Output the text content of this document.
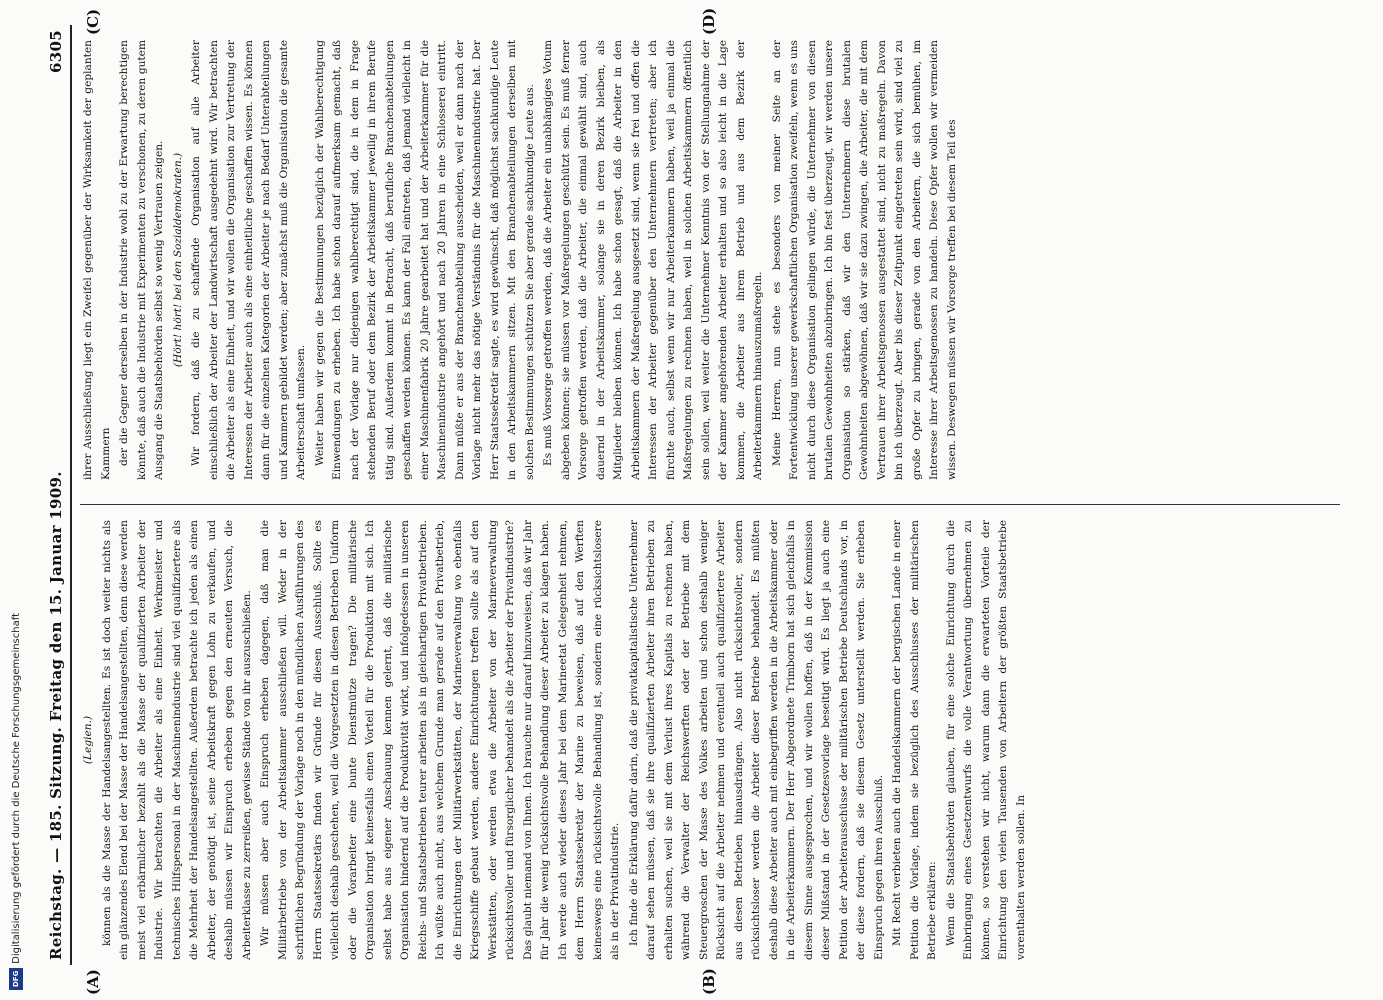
Reichstag. — 185. Sitzung. Freitag den 15. Januar 1909.
6305
(A)	(B)
(C)	(D)

(Legien.) können als die Masse der Handelsangestellten. Es ist doch weiter nichts als ein glänzendes Elend bei der Masse der Handelsangestellten, denn diese werden meist viel erbärmlicher bezahlt als die Masse der qualifizierten Arbeiter der Industrie. Wir betrachten die Arbeiter als eine Einheit. Werkmeister und technisches Hilfspersonal in der Maschinenindustrie sind viel qualifiziertere als die Mehrheit der Handelsangestellten. Außerdem betrachte ich jeden als einen Arbeiter, der genötigt ist, seine Arbeitskraft gegen Lohn zu verkaufen, und deshalb müssen wir Einspruch erheben gegen den erneuten Versuch, die Arbeiterklasse zu zerreißen, gewisse Stände von ihr auszuschließen. Wir müssen aber auch Einspruch erheben dagegen, daß man die Militärbetriebe von der Arbeitskammer ausschließen will. Weder in der schriftlichen Begründung der Vorlage noch in den mündlichen Ausführungen des Herrn Staatssekretärs finden wir Gründe für diesen Ausschluß. Sollte es vielleicht deshalb geschehen, weil die Vorgesetzten in diesen Betrieben Uniform oder die Vorarbeiter eine bunte Dienstmütze tragen? Die militärische Organisation bringt keinesfalls einen Vorteil für die Produktion mit sich. Ich selbst habe aus eigener Anschauung kennen gelernt, daß die militärische Organisation hindernd auf die Produktivität wirkt, und infolgedessen in unseren Reichs- und Staatsbetrieben teurer arbeiten als in gleichartigen Privatbetrieben. Ich wüßte auch nicht, aus welchem Grunde man gerade auf den Privatbetrieb, die Einrichtungen der Militärwerkstätten, der Marineverwaltung wo ebenfalls Kriegsschiffe gebaut werden, andere Einrichtungen treffen sollte als auf den Werkstätten, oder werden etwa die Arbeiter von der Marineverwaltung rücksichtsvoller und fürsorglicher behandelt als die Arbeiter der Privatindustrie? Das glaubt niemand von Ihnen. Ich brauche nur darauf hinzuweisen, daß wir Jahr für Jahr die wenig rücksichtsvolle Behandlung dieser Arbeiter zu klagen haben. Ich werde auch wieder dieses Jahr bei dem Marineetat Gelegenheit nehmen, dem Herrn Staatssekretär der Marine zu beweisen, daß auf den Werften keineswegs eine rücksichtsvolle Behandlung ist, sondern eine rücksichtslosere als in der Privatindustrie. Ich finde die Erklärung dafür darin, daß die privatkapitalistische Unternehmer darauf sehen müssen, daß sie ihre qualifizierten Arbeiter ihren Betrieben zu erhalten suchen, weil sie mit dem Verlust ihres Kapitals zu rechnen haben, während die Verwalter der Reichswerften oder der Betriebe mit dem Steuergroschen der Masse des Volkes arbeiten und schon deshalb weniger Rücksicht auf die Arbeiter nehmen und eventuell auch qualifiziertere Arbeiter aus diesen Betrieben hinausdrängen. Also nicht rücksichtsvoller, sondern rücksichtsloser werden die Arbeiter dieser Betriebe behandelt. Es müßten deshalb diese Arbeiter auch mit einbegriffen werden in die Arbeitskammer oder in die Arbeiterkammern. Der Herr Abgeordnete Trimborn hat sich gleichfalls in diesem Sinne ausgesprochen, und wir wollen hoffen, daß in der Kommission dieser Mißstand in der Gesetzesvorlage beseitigt wird. Es liegt ja auch eine Petition der Arbeiterausschüsse der militärischen Betriebe Deutschlands vor, in der diese fordern, daß sie diesem Gesetz unterstellt werden. Sie erheben Einspruch gegen ihren Ausschluß. Mit Recht verbieten auch die Handelskammern der bergischen Lande in einer Petition die Vorlage, indem sie bezüglich des Ausschlusses der militärischen Betriebe erklären: Wenn die Staatsbehörden glauben, für eine solche Einrichtung durch die Einbringung eines Gesetzentwurfs die volle Verantwortung übernehmen zu können, so verstehen wir nicht, warum dann die erwarteten Vorteile der Einrichtung den vielen Tausenden von Arbeitern der größten Staatsbetriebe vorenthalten werden sollen. In

ihrer Ausschließung liegt ein Zweifel gegenüber der Wirksamkeit der geplanten Kammern der die Gegner derselben in der Industrie wohl zu der Erwartung berechtigen könnte, daß auch die Industrie mit Experimenten zu verschonen, zu deren gutem Ausgang die Staatsbehörden selbst so wenig Vertrauen zeigen. (Hört! hört! bei den Sozialdemokraten.) Wir fordern, daß die zu schaffende Organisation auf alle Arbeiter einschließlich der Arbeiter der Landwirtschaft ausgedehnt wird. Wir betrachten die Arbeiter als eine Einheit, und wir wollen die Organisation zur Vertretung der Interessen der Arbeiter auch als eine einheitliche geschaffen wissen. Es können dann für die einzelnen Kategorien der Arbeiter je nach Bedarf Unterabteilungen und Kammern gebildet werden; aber zunächst muß die Organisation die gesamte Arbeiterschaft umfassen. Weiter haben wir gegen die Bestimmungen bezüglich der Wahlberechtigung Einwendungen zu erheben. Ich habe schon darauf aufmerksam gemacht, daß nach der Vorlage nur diejenigen wahlberechtigt sind, die in dem in Frage stehenden Beruf oder dem Bezirk der Arbeitskammer jeweilig in ihrem Berufe tätig sind. Außerdem kommt in Betracht, daß berufliche Branchenabteilungen geschaffen werden können. Es kann der Fall eintreten, daß jemand vielleicht in einer Maschinenfabrik 20 Jahre gearbeitet hat und der Arbeiterkammer für die Maschinenindustrie angehört und nach 20 Jahren in eine Schlosserei eintritt. Dann müßte er aus der Branchenabteilung ausscheiden, weil er dann nach der Vorlage nicht mehr das nötige Verständnis für die Maschinenindustrie hat. Der Herr Staatssekretär sagte, es wird gewünscht, daß möglichst sachkundige Leute in den Arbeitskammern sitzen. Mit den Branchenabteilungen derselben mit solchen Bestimmungen schützen Sie aber gerade sachkundige Leute aus. Es muß Vorsorge getroffen werden, daß die Arbeiter ein unabhängiges Votum abgeben können; sie müssen vor Maßregelungen geschützt sein. Es muß ferner Vorsorge getroffen werden, daß die Arbeiter, die einmal gewählt sind, auch dauernd in der Arbeitskammer, solange sie in deren Bezirk bleiben, als Mitglieder bleiben können. Ich habe schon gesagt, daß die Arbeiter in den Arbeitskammern der Maßregelung ausgesetzt sind, wenn sie frei und offen die Interessen der Arbeiter gegenüber den Unternehmern vertreten; aber ich fürchte auch, selbst wenn wir nur Arbeiterkammern haben, weil ja einmal die Maßregelungen zu rechnen haben, weil in solchen Arbeitskammern öffentlich sein sollen, weil weiter die Unternehmer Kenntnis von der Stellungnahme der der Kammer angehörenden Arbeiter erhalten und so also leicht in die Lage kommen, die Arbeiter aus ihrem Betrieb und aus dem Bezirk der Arbeiterkammern hinauszumaßregeln. Meine Herren, nun stehe es besonders von meiner Seite an der Fortentwicklung unserer gewerkschaftlichen Organisation zweifeln, wenn es uns nicht durch diese Organisation gelingen würde, die Unternehmer von diesen brutalen Gewohnheiten abzubringen. Ich bin fest überzeugt, wir werden unsere Organisation so stärken, daß wir den Unternehmern diese brutalen Gewohnheiten abgewöhnen, daß wir sie dazu zwingen, die Arbeiter, die mit dem Vertrauen ihrer Arbeitsgenossen ausgestattet sind, nicht zu maßregeln. Davon bin ich überzeugt. Aber bis dieser Zeitpunkt eingetreten sein wird, sind viel zu große Opfer zu bringen, gerade von den Arbeitern, die sich bemühen, im Interesse ihrer Arbeitsgenossen zu handeln. Diese Opfer wollen wir vermeiden wissen. Deswegen müssen wir Vorsorge treffen bei diesem Teil des

Digitalisierung gefördert durch die Deutsche Forschungsgemeinschaft
DFG
